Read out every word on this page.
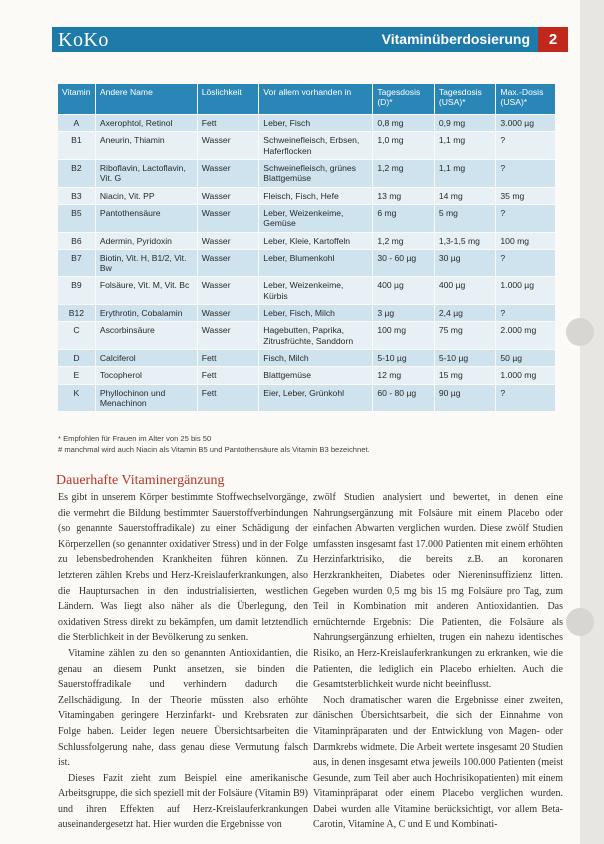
KoKo	Vitaminüberdosierung	2
Vitamin	Andere Name	Löslichkeit	Vor allem vorhanden in	Tagesdosis (D)*	Tagesdosis (USA)*	Max.-Dosis (USA)*
A	Axerophtol, Retinol	Fett	Leber, Fisch	0,8 mg	0,9 mg	3.000 µg
B1	Aneurin, Thiamin	Wasser	Schweinefleisch, Erbsen, Haferflocken	1,0 mg	1,1 mg	?
B2	Riboflavin, Lactoflavin, Vit. G	Wasser	Schweinefleisch, grünes Blattgemüse	1,2 mg	1,1 mg	?
B3	Niacin, Vit. PP	Wasser	Fleisch, Fisch, Hefe	13 mg	14 mg	35 mg
B5	Pantothensäure	Wasser	Leber, Weizenkeime, Gemüse	6 mg	5 mg	?
B6	Adermin, Pyridoxin	Wasser	Leber, Kleie, Kartoffeln	1,2 mg	1,3-1,5 mg	100 mg
B7	Biotin, Vit. H, B1/2, Vit. Bw	Wasser	Leber, Blumenkohl	30 - 60 µg	30 µg	?
B9	Folsäure, Vit. M, Vit. Bc	Wasser	Leber, Weizenkeime, Kürbis	400 µg	400 µg	1.000 µg
B12	Erythrotin, Cobalamin	Wasser	Leber, Fisch, Milch	3 µg	2,4 µg	?
C	Ascorbinsäure	Wasser	Hagebutten, Paprika, Zitrusfrüchte, Sanddorn	100 mg	75 mg	2.000 mg
D	Calciferol	Fett	Fisch, Milch	5-10 µg	5-10 µg	50 µg
E	Tocopherol	Fett	Blattgemüse	12 mg	15 mg	1.000 mg
K	Phyllochinon und Menachinon	Fett	Eier, Leber, Grünkohl	60 - 80 µg	90 µg	?
* Empfohlen für Frauen im Alter von 25 bis 50
# manchmal wird auch Niacin als Vitamin B5 und Pantothensäure als Vitamin B3 bezeichnet.
Dauerhafte Vitaminergänzung

Es gibt in unserem Körper bestimmte Stoffwechselvorgänge, die vermehrt die Bildung bestimmter Sauerstoffverbindungen (so genannte Sauerstoffradikale) zu einer Schädigung der Körperzellen (so genannter oxidativer Stress) und in der Folge zu lebensbedrohenden Krankheiten führen können. Zu letzteren zählen Krebs und Herz-Kreislauferkrankungen, also die Hauptursachen in den industrialisierten, westlichen Ländern. Was liegt also näher als die Überlegung, den oxidativen Stress direkt zu bekämpfen, um damit letztendlich die Sterblichkeit in der Bevölkerung zu senken.

Vitamine zählen zu den so genannten Antioxidantien, die genau an diesem Punkt ansetzen, sie binden die Sauerstoffradikale und verhindern dadurch die Zellschädigung. In der Theorie müssten also erhöhte Vitamingaben geringere Herzinfarkt- und Krebsraten zur Folge haben. Leider legen neuere Übersichtsarbeiten die Schlussfolgerung nahe, dass genau diese Vermutung falsch ist.

Dieses Fazit zieht zum Beispiel eine amerikanische Arbeitsgruppe, die sich speziell mit der Folsäure (Vitamin B9) und ihren Effekten auf Herz-Kreislauferkrankungen auseinandergesetzt hat. Hier wurden die Ergebnisse von

zwölf Studien analysiert und bewertet, in denen eine Nahrungsergänzung mit Folsäure mit einem Placebo oder einfachen Abwarten verglichen wurden. Diese zwölf Studien umfassten insgesamt fast 17.000 Patienten mit einem erhöhten Herzinfarktrisiko, die bereits z.B. an koronaren Herzkrankheiten, Diabetes oder Niereninsuffizienz litten. Gegeben wurden 0,5 mg bis 15 mg Folsäure pro Tag, zum Teil in Kombination mit anderen Antioxidantien. Das ernüchternde Ergebnis: Die Patienten, die Folsäure als Nahrungsergänzung erhielten, trugen ein nahezu identisches Risiko, an Herz-Kreislauferkrankungen zu erkranken, wie die Patienten, die lediglich ein Placebo erhielten. Auch die Gesamtsterblichkeit wurde nicht beeinflusst.

Noch dramatischer waren die Ergebnisse einer zweiten, dänischen Übersichtsarbeit, die sich der Einnahme von Vitaminpräparaten und der Entwicklung von Magen- oder Darmkrebs widmete. Die Arbeit wertete insgesamt 20 Studien aus, in denen insgesamt etwa jeweils 100.000 Patienten (meist Gesunde, zum Teil aber auch Hochrisikopatienten) mit einem Vitaminpräparat oder einem Placebo verglichen wurden. Dabei wurden alle Vitamine berücksichtigt, vor allem Beta-Carotin, Vitamine A, C und E und Kombinati-
